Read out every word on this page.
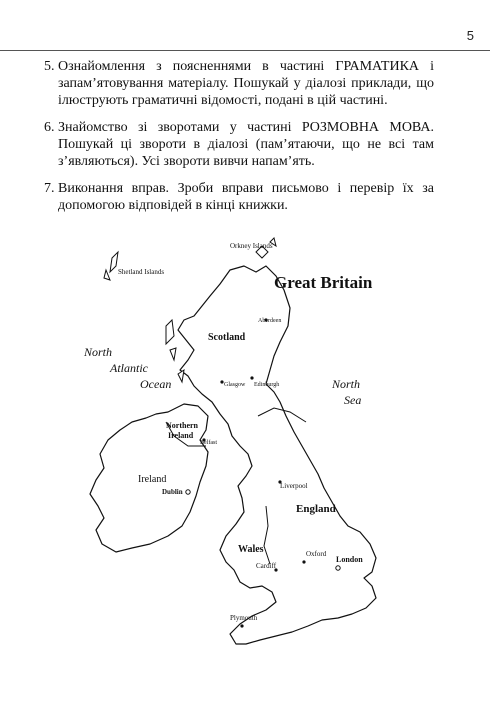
5
5. Ознайомлення з поясненнями в частині ГРАМАТИКА і запам’ятовування матеріалу. Пошукай у діалозі приклади, що ілюструють граматичні відомості, подані в цій частині.
6. Знайомство зі зворотами у частині РОЗМОВНА МОВА. Пошукай ці звороти в діалозі (пам’ятаючи, що не всі там з’являються). Усі звороти вивчи напам’ять.
7. Виконання вправ. Зроби вправи письмово і перевір їх за допомогою відповідей в кінці книжки.
Great Britain
North
Atlantic
Ocean	North
Sea
Orkney Islands
Shetland Islands
Scotland
Northern
Ireland
Ireland
England
Wales
Aberdeen
Glasgow Edinburgh
Belfast
Dublin
Liverpool
Oxford
Cardiff
London
Plymouth
